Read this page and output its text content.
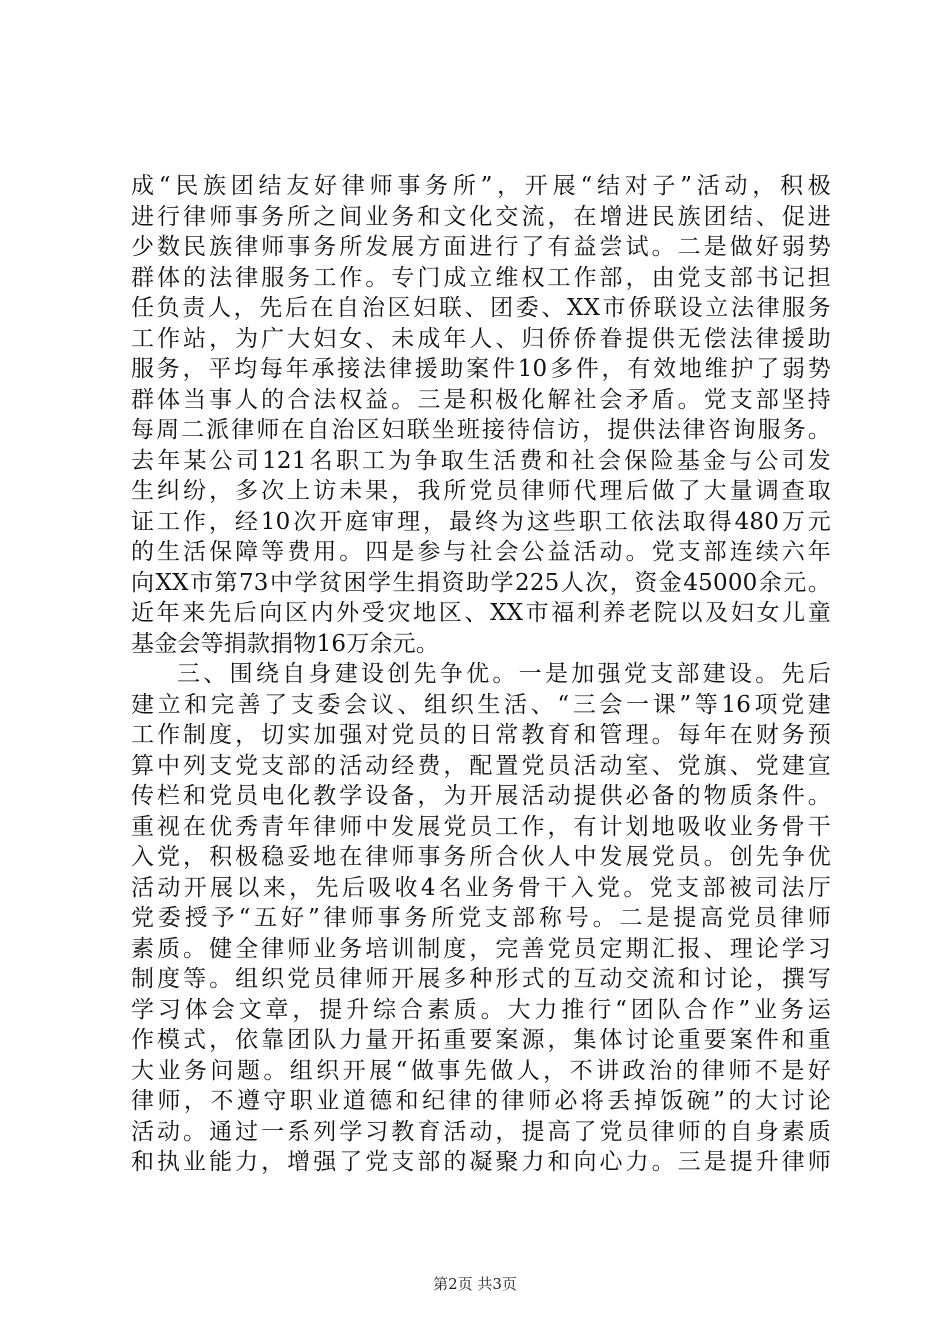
成“民族团结友好律师事务所”，开展“结对子”活动，积极
进行律师事务所之间业务和文化交流，在增进民族团结、促进
少数民族律师事务所发展方面进行了有益尝试。二是做好弱势
群体的法律服务工作。专门成立维权工作部，由党支部书记担
任负责人，先后在自治区妇联、团委、XX市侨联设立法律服务
工作站，为广大妇女、未成年人、归侨侨眷提供无偿法律援助
服务，平均每年承接法律援助案件10多件，有效地维护了弱势
群体当事人的合法权益。三是积极化解社会矛盾。党支部坚持
每周二派律师在自治区妇联坐班接待信访，提供法律咨询服务。
去年某公司121名职工为争取生活费和社会保险基金与公司发
生纠纷，多次上访未果，我所党员律师代理后做了大量调查取
证工作，经10次开庭审理，最终为这些职工依法取得480万元
的生活保障等费用。四是参与社会公益活动。党支部连续六年
向XX市第73中学贫困学生捐资助学225人次，资金45000余元。
近年来先后向区内外受灾地区、XX市福利养老院以及妇女儿童
基金会等捐款捐物16万余元。
三、围绕自身建设创先争优。一是加强党支部建设。先后
建立和完善了支委会议、组织生活、“三会一课”等16项党建
工作制度，切实加强对党员的日常教育和管理。每年在财务预
算中列支党支部的活动经费，配置党员活动室、党旗、党建宣
传栏和党员电化教学设备，为开展活动提供必备的物质条件。
重视在优秀青年律师中发展党员工作，有计划地吸收业务骨干
入党，积极稳妥地在律师事务所合伙人中发展党员。创先争优
活动开展以来，先后吸收4名业务骨干入党。党支部被司法厅
党委授予“五好”律师事务所党支部称号。二是提高党员律师
素质。健全律师业务培训制度，完善党员定期汇报、理论学习
制度等。组织党员律师开展多种形式的互动交流和讨论，撰写
学习体会文章，提升综合素质。大力推行“团队合作”业务运
作模式，依靠团队力量开拓重要案源，集体讨论重要案件和重
大业务问题。组织开展“做事先做人，不讲政治的律师不是好
律师，不遵守职业道德和纪律的律师必将丢掉饭碗”的大讨论
活动。通过一系列学习教育活动，提高了党员律师的自身素质
和执业能力，增强了党支部的凝聚力和向心力。三是提升律师
第2页 共3页
